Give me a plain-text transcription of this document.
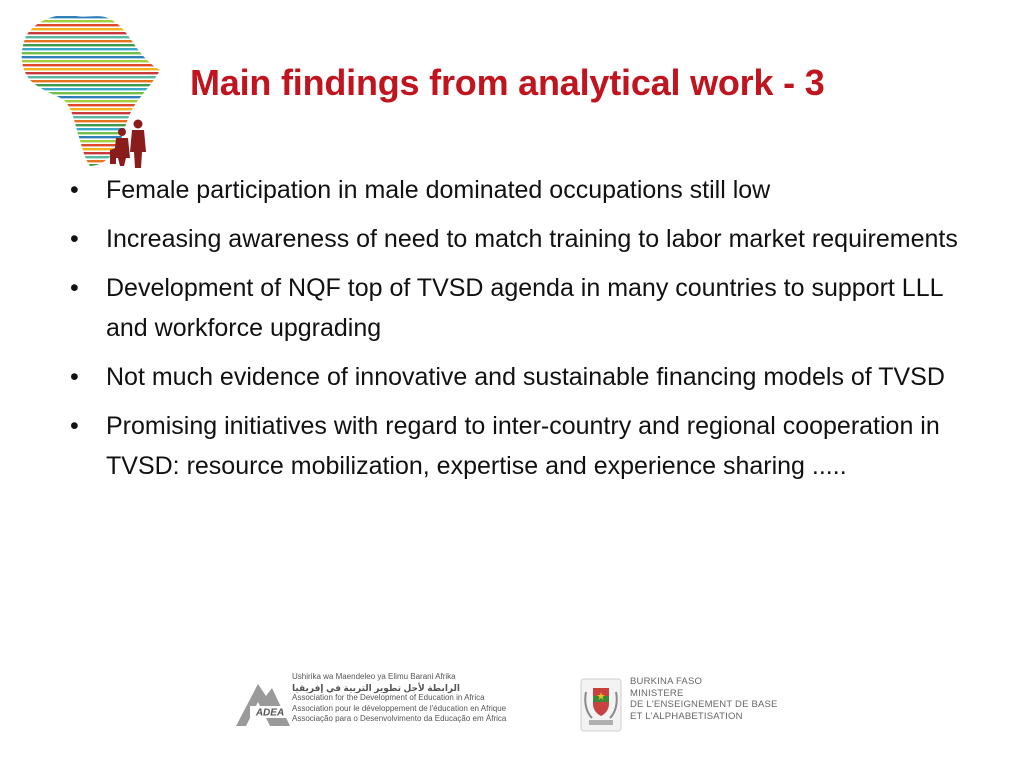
Main findings from analytical work - 3
• Female participation in male dominated occupations still low
• Increasing awareness of need to match training to labor market requirements
• Development of NQF top of TVSD agenda in many countries to support LLL and workforce upgrading
• Not much evidence of innovative and sustainable financing models of TVSD
• Promising initiatives with regard to inter-country and regional cooperation in TVSD: resource mobilization, expertise and experience sharing .....
ADEA
Ushirika wa Maendeleo ya Elimu Barani Afrika
الرابطة لأجل تطوير التربية في إفريقيا
Association for the Development of Education in Africa
Association pour le développement de l'éducation en Afrique
Associação para o Desenvolvimento da Educação em África
BURKINA FASO
MINISTERE
DE L'ENSEIGNEMENT DE BASE
ET L'ALPHABETISATION
